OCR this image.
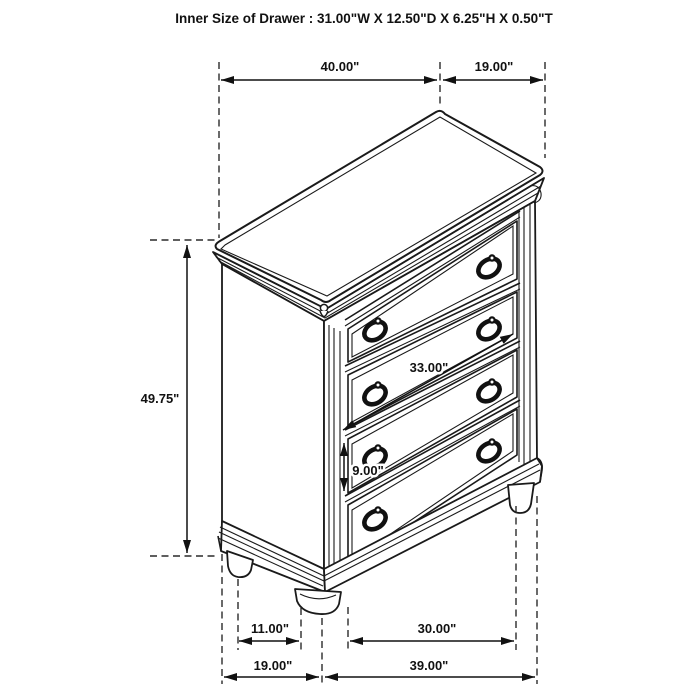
40.00"	19.00"
49.75"
33.00"
9.00"
11.00"	30.00"
19.00"	39.00"
Inner Size of Drawer : 31.00"W X 12.50"D X 6.25"H X 0.50"T
